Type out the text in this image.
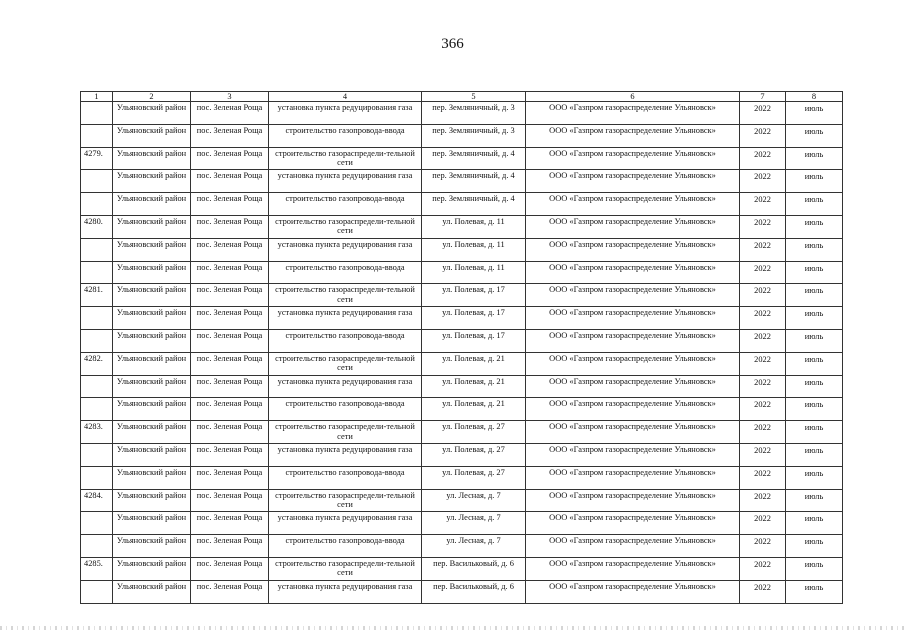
366
1	2	3	4	5	6	7	8
	Ульяновский район	пос. Зеленая Роща	установка пункта редуцирования газа	пер. Земляничный, д. 3	ООО «Газпром газораспределение Ульяновск»	2022	июль
	Ульяновский район	пос. Зеленая Роща	строительство газопровода-ввода	пер. Земляничный, д. 3	ООО «Газпром газораспределение Ульяновск»	2022	июль
4279.	Ульяновский район	пос. Зеленая Роща	строительство газораспредели-тельной сети	пер. Земляничный, д. 4	ООО «Газпром газораспределение Ульяновск»	2022	июль
	Ульяновский район	пос. Зеленая Роща	установка пункта редуцирования газа	пер. Земляничный, д. 4	ООО «Газпром газораспределение Ульяновск»	2022	июль
	Ульяновский район	пос. Зеленая Роща	строительство газопровода-ввода	пер. Земляничный, д. 4	ООО «Газпром газораспределение Ульяновск»	2022	июль
4280.	Ульяновский район	пос. Зеленая Роща	строительство газораспредели-тельной сети	ул. Полевая, д. 11	ООО «Газпром газораспределение Ульяновск»	2022	июль
	Ульяновский район	пос. Зеленая Роща	установка пункта редуцирования газа	ул. Полевая, д. 11	ООО «Газпром газораспределение Ульяновск»	2022	июль
	Ульяновский район	пос. Зеленая Роща	строительство газопровода-ввода	ул. Полевая, д. 11	ООО «Газпром газораспределение Ульяновск»	2022	июль
4281.	Ульяновский район	пос. Зеленая Роща	строительство газораспредели-тельной сети	ул. Полевая, д. 17	ООО «Газпром газораспределение Ульяновск»	2022	июль
	Ульяновский район	пос. Зеленая Роща	установка пункта редуцирования газа	ул. Полевая, д. 17	ООО «Газпром газораспределение Ульяновск»	2022	июль
	Ульяновский район	пос. Зеленая Роща	строительство газопровода-ввода	ул. Полевая, д. 17	ООО «Газпром газораспределение Ульяновск»	2022	июль
4282.	Ульяновский район	пос. Зеленая Роща	строительство газораспредели-тельной сети	ул. Полевая, д. 21	ООО «Газпром газораспределение Ульяновск»	2022	июль
	Ульяновский район	пос. Зеленая Роща	установка пункта редуцирования газа	ул. Полевая, д. 21	ООО «Газпром газораспределение Ульяновск»	2022	июль
	Ульяновский район	пос. Зеленая Роща	строительство газопровода-ввода	ул. Полевая, д. 21	ООО «Газпром газораспределение Ульяновск»	2022	июль
4283.	Ульяновский район	пос. Зеленая Роща	строительство газораспредели-тельной сети	ул. Полевая, д. 27	ООО «Газпром газораспределение Ульяновск»	2022	июль
	Ульяновский район	пос. Зеленая Роща	установка пункта редуцирования газа	ул. Полевая, д. 27	ООО «Газпром газораспределение Ульяновск»	2022	июль
	Ульяновский район	пос. Зеленая Роща	строительство газопровода-ввода	ул. Полевая, д. 27	ООО «Газпром газораспределение Ульяновск»	2022	июль
4284.	Ульяновский район	пос. Зеленая Роща	строительство газораспредели-тельной сети	ул. Лесная, д. 7	ООО «Газпром газораспределение Ульяновск»	2022	июль
	Ульяновский район	пос. Зеленая Роща	установка пункта редуцирования газа	ул. Лесная, д. 7	ООО «Газпром газораспределение Ульяновск»	2022	июль
	Ульяновский район	пос. Зеленая Роща	строительство газопровода-ввода	ул. Лесная, д. 7	ООО «Газпром газораспределение Ульяновск»	2022	июль
4285.	Ульяновский район	пос. Зеленая Роща	строительство газораспредели-тельной сети	пер. Васильковый, д. 6	ООО «Газпром газораспределение Ульяновск»	2022	июль
	Ульяновский район	пос. Зеленая Роща	установка пункта редуцирования газа	пер. Васильковый, д. 6	ООО «Газпром газораспределение Ульяновск»	2022	июль
